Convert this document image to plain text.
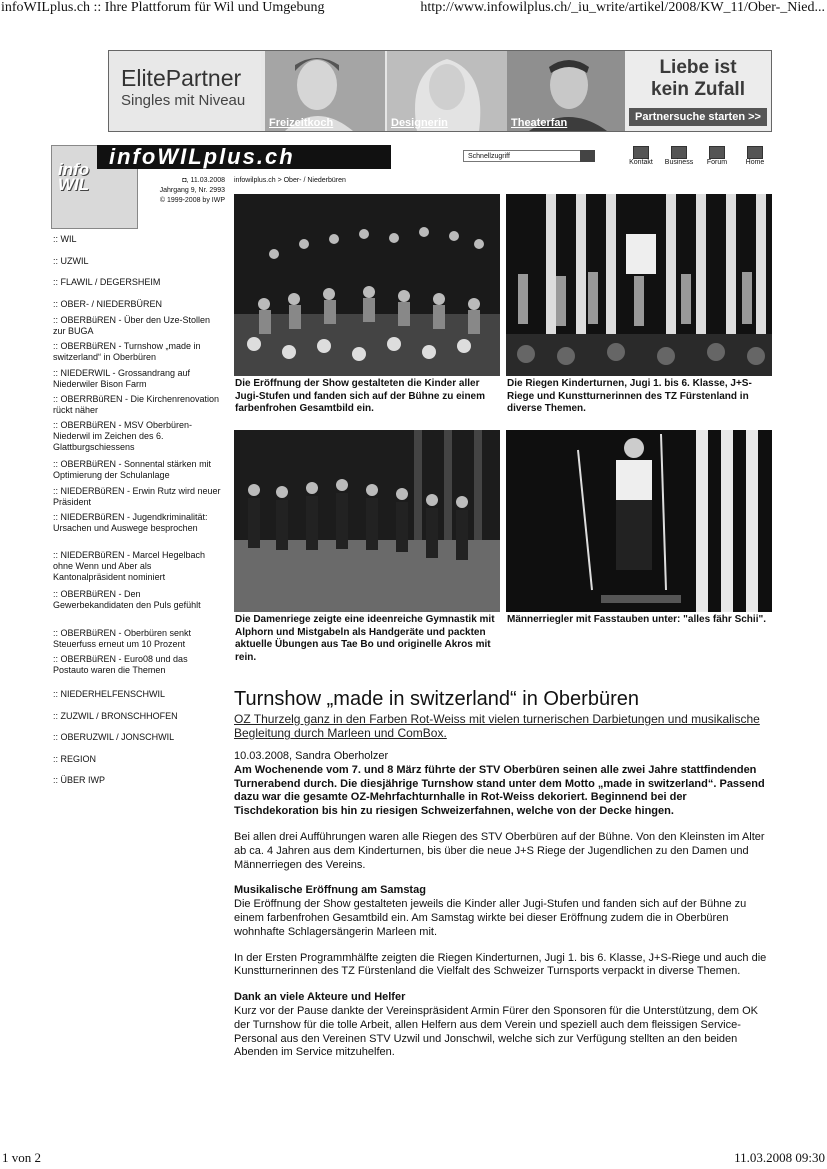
infoWILplus.ch :: Ihre Plattforum für Wil und Umgebung	http://www.infowilplus.ch/_iu_write/artikel/2008/KW_11/Ober-_Nied...
ElitePartner
Singles mit Niveau
Freizeitkoch	Designerin	Theaterfan
Liebe ist
kein Zufall
Partnersuche starten >>
info
WIL
infoWILplus.ch
◘, 11.03.2008
Jahrgang 9, Nr. 2993
© 1999-2008 by IWP
infowilplus.ch > Ober- / Niederbüren
Schnellzugriff
Kontakt	Business	Forum	Home
:: WIL
:: UZWIL
:: FLAWIL / DEGERSHEIM
:: OBER- / NIEDERBÜREN
:: OBERBüREN - Über den Uze-Stollen zur BUGA
:: OBERBüREN - Turnshow „made in switzerland“ in Oberbüren
:: NIEDERWIL - Grossandrang auf Niederwiler Bison Farm
:: OBERRBüREN - Die Kirchenrenovation rückt näher
:: OBERBüREN - MSV Oberbüren-Niederwil im Zeichen des 6. Glattburgschiessens
:: OBERBüREN - Sonnental stärken mit Optimierung der Schulanlage
:: NIEDERBüREN - Erwin Rutz wird neuer Präsident
:: NIEDERBüREN - Jugendkriminalität: Ursachen und Auswege besprochen
:: NIEDERBüREN - Marcel Hegelbach ohne Wenn und Aber als Kantonalpräsident nominiert
:: OBERBüREN - Den Gewerbekandidaten den Puls gefühlt
:: OBERBüREN - Oberbüren senkt Steuerfuss erneut um 10 Prozent
:: OBERBüREN - Euro08 und das Postauto waren die Themen
:: NIEDERHELFENSCHWIL
:: ZUZWIL / BRONSCHHOFEN
:: OBERUZWIL / JONSCHWIL
:: REGION
:: ÜBER IWP
Die Eröffnung der Show gestalteten die Kinder aller Jugi-Stufen und fanden sich auf der Bühne zu einem farbenfrohen Gesamtbild ein.
Die Riegen Kinderturnen, Jugi 1. bis 6. Klasse, J+S-Riege und Kunstturnerinnen des TZ Fürstenland in diverse Themen.
Die Damenriege zeigte eine ideenreiche Gymnastik mit Alphorn und Mistgabeln als Handgeräte und packten aktuelle Übungen aus Tae Bo und originelle Akros mit rein.
Männerriegler mit Fasstauben unter: "alles fähr Schii".
Turnshow „made in switzerland“ in Oberbüren
OZ Thurzelg ganz in den Farben Rot-Weiss mit vielen turnerischen Darbietungen und musikalische Begleitung durch Marleen und ComBox.
10.03.2008, Sandra Oberholzer

Am Wochenende vom 7. und 8 März führte der STV Oberbüren seinen alle zwei Jahre stattfindenden Turnerabend durch. Die diesjährige Turnshow stand unter dem Motto „made in switzerland“. Passend dazu war die gesamte OZ-Mehrfachturnhalle in Rot-Weiss dekoriert. Beginnend bei der Tischdekoration bis hin zu riesigen Schweizerfahnen, welche von der Decke hingen.

Bei allen drei Aufführungen waren alle Riegen des STV Oberbüren auf der Bühne. Von den Kleinsten im Alter ab ca. 4 Jahren aus dem Kinderturnen, bis über die neue J+S Riege der Jugendlichen zu den Damen und Männerriegen des Vereins.

Musikalische Eröffnung am Samstag

Die Eröffnung der Show gestalteten jeweils die Kinder aller Jugi-Stufen und fanden sich auf der Bühne zu einem farbenfrohen Gesamtbild ein. Am Samstag wirkte bei dieser Eröffnung zudem die in Oberbüren wohnhafte Schlagersängerin Marleen mit.

In der Ersten Programmhälfte zeigten die Riegen Kinderturnen, Jugi 1. bis 6. Klasse, J+S-Riege und auch die Kunstturnerinnen des TZ Fürstenland die Vielfalt des Schweizer Turnsports verpackt in diverse Themen.

Dank an viele Akteure und Helfer

Kurz vor der Pause dankte der Vereinspräsident Armin Fürer den Sponsoren für die Unterstützung, dem OK der Turnshow für die tolle Arbeit, allen Helfern aus dem Verein und speziell auch dem fleissigen Service-Personal aus den Vereinen STV Uzwil und Jonschwil, welche sich zur Verfügung stellten an den beiden Abenden im Service mitzuhelfen.

1 von 2	11.03.2008 09:30
